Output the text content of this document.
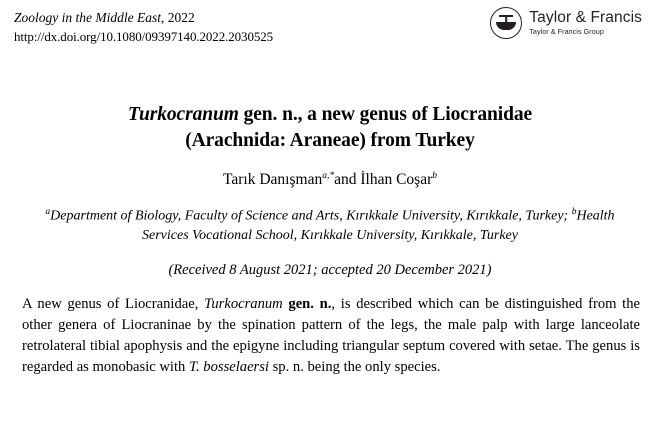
Zoology in the Middle East, 2022
http://dx.doi.org/10.1080/09397140.2022.2030525
Taylor & Francis
Taylor & Francis Group
Turkocranum gen. n., a new genus of Liocranidae
(Arachnida: Araneae) from Turkey
Tarık Danışman$^{a,*}$and İlhan Coşar$^b$
$^a$Department of Biology, Faculty of Science and Arts, Kırıkkale University, Kırıkkale, Turkey; $^b$Health Services Vocational School, Kırıkkale University, Kırıkkale, Turkey
(Received 8 August 2021; accepted 20 December 2021)
A new genus of Liocranidae, Turkocranum gen. n., is described which can be distinguished from the other genera of Liocraninae by the spination pattern of the legs, the male palp with large lanceolate retrolateral tibial apophysis and the epigyne including triangular septum covered with setae. The genus is regarded as monobasic with T. bosselaersi sp. n. being the only species.
